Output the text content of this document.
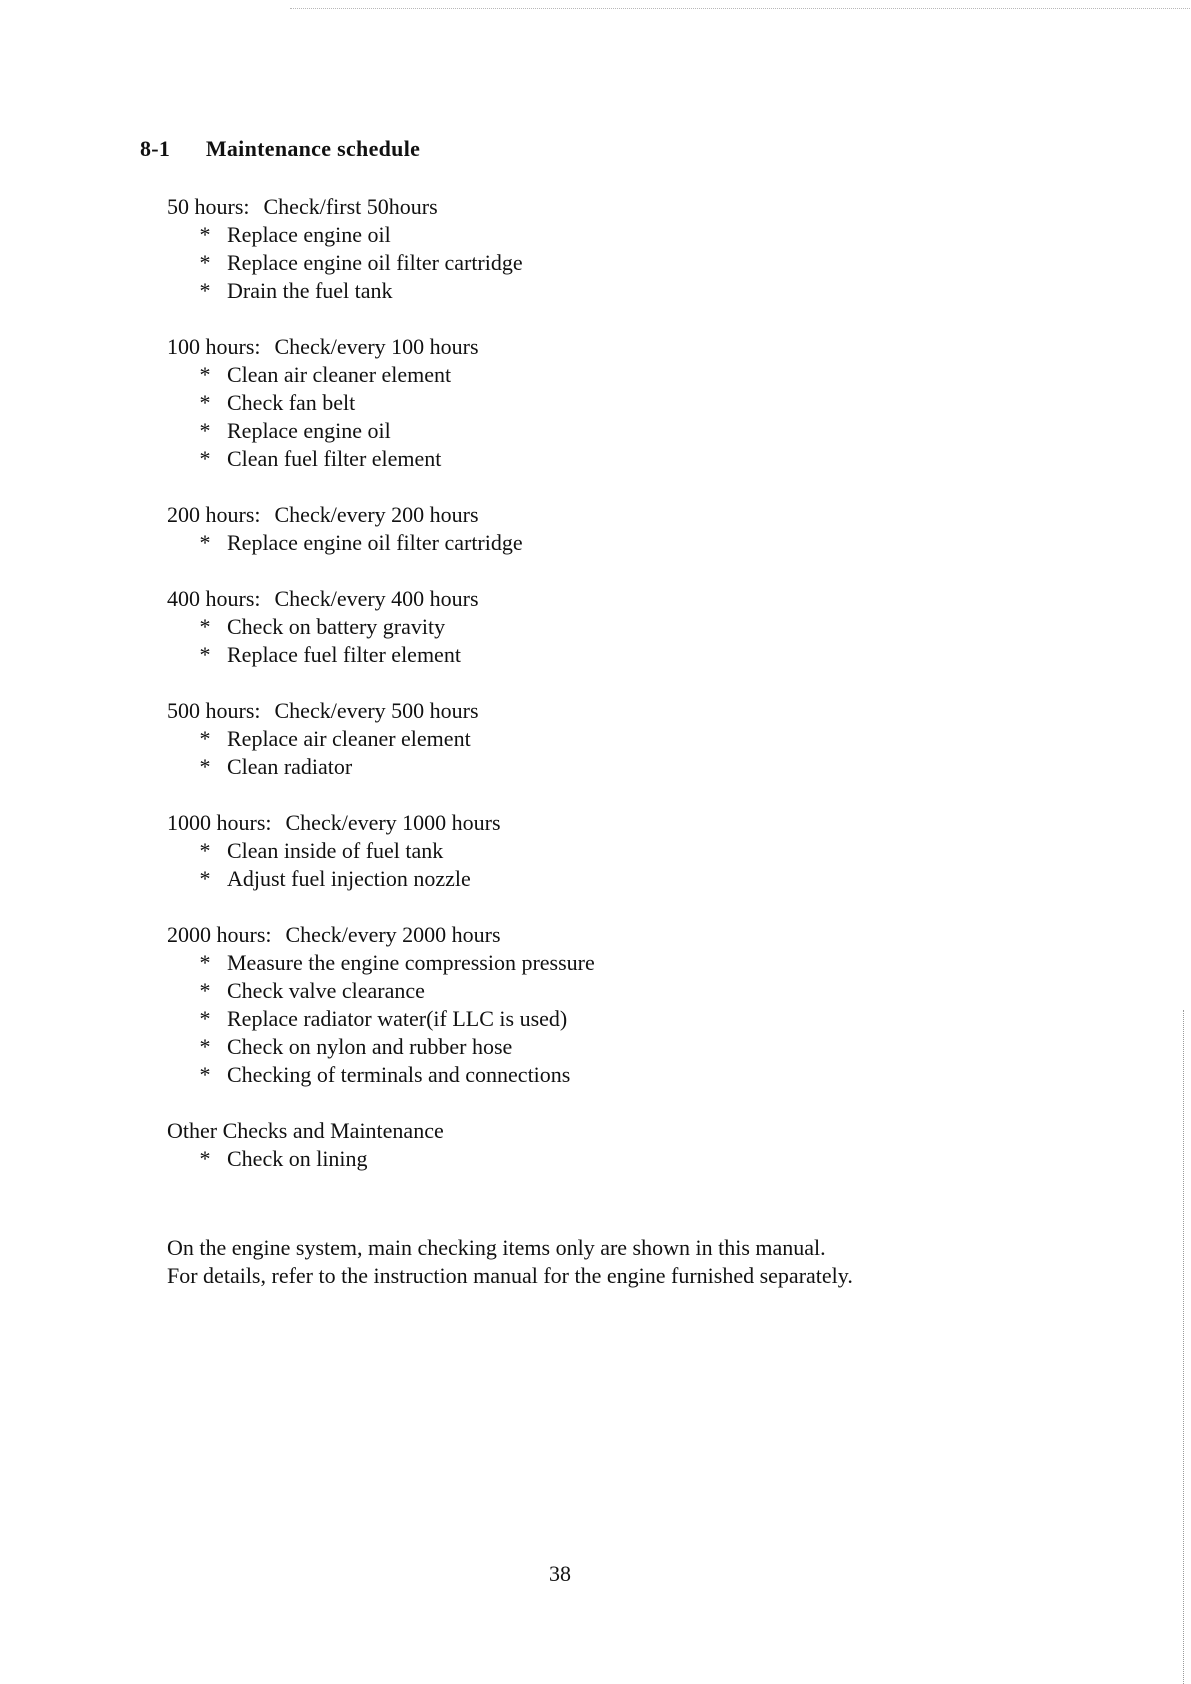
8-1 Maintenance schedule
50 hours: Check/first 50hours
* Replace engine oil
* Replace engine oil filter cartridge
* Drain the fuel tank
100 hours: Check/every 100 hours
* Clean air cleaner element
* Check fan belt
* Replace engine oil
* Clean fuel filter element
200 hours: Check/every 200 hours
* Replace engine oil filter cartridge
400 hours: Check/every 400 hours
* Check on battery gravity
* Replace fuel filter element
500 hours: Check/every 500 hours
* Replace air cleaner element
* Clean radiator
1000 hours: Check/every 1000 hours
* Clean inside of fuel tank
* Adjust fuel injection nozzle
2000 hours: Check/every 2000 hours
* Measure the engine compression pressure
* Check valve clearance
* Replace radiator water(if LLC is used)
* Check on nylon and rubber hose
* Checking of terminals and connections
Other Checks and Maintenance
* Check on lining
On the engine system, main checking items only are shown in this manual.
For details, refer to the instruction manual for the engine furnished separately.
38
